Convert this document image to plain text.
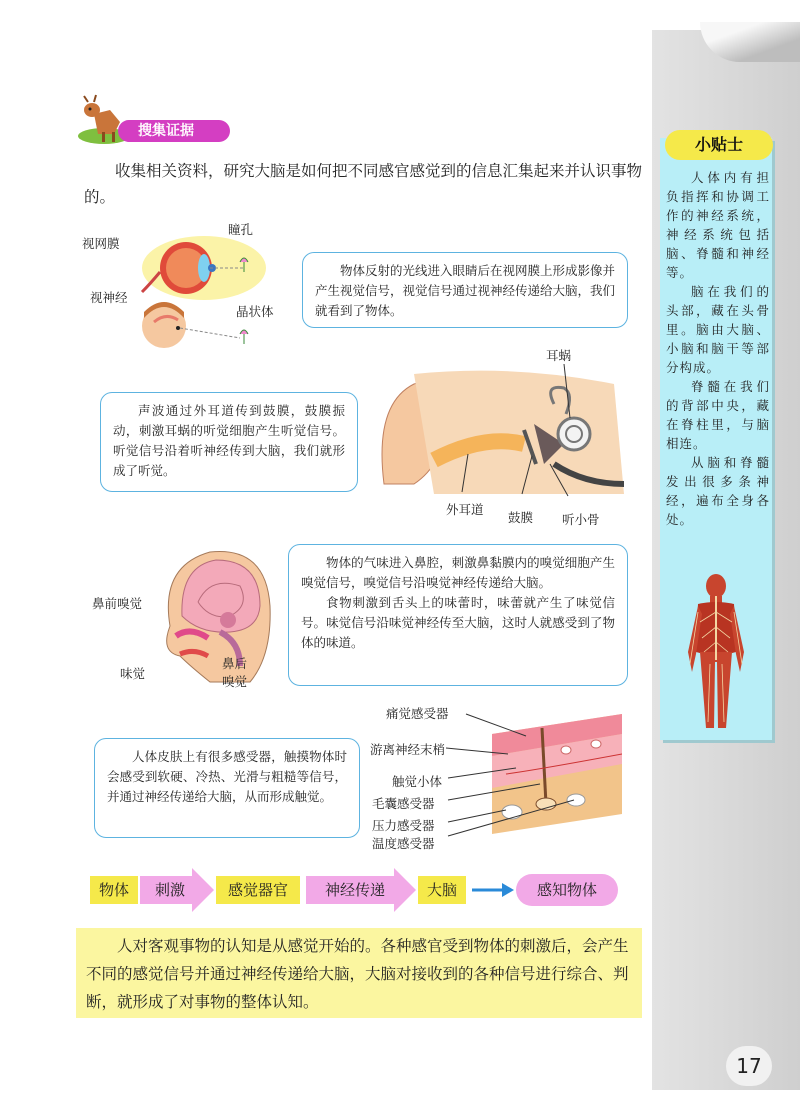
小贴士

人体内有担负指挥和协调工作的神经系统，神经系统包括脑、脊髓和神经等。

脑在我们的头部，藏在头骨里。脑由大脑、小脑和脑干等部分构成。

脊髓在我们的背部中央，藏在脊柱里，与脑相连。

从脑和脊髓发出很多条神经，遍布全身各处。

17
搜集证据
收集相关资料，研究大脑是如何把不同感官感觉到的信息汇集起来并认识事物的。
视网膜
瞳孔
视神经
晶状体

物体反射的光线进入眼睛后在视网膜上形成影像并产生视觉信号，视觉信号通过视神经传递给大脑，我们就看到了物体。

声波通过外耳道传到鼓膜，鼓膜振动，刺激耳蜗的听觉细胞产生听觉信号。听觉信号沿着听神经传到大脑，我们就形成了听觉。

耳蜗
外耳道
鼓膜 听小骨
鼻前嗅觉
味觉
鼻后
嗅觉

物体的气味进入鼻腔，刺激鼻黏膜内的嗅觉细胞产生嗅觉信号，嗅觉信号沿嗅觉神经传递给大脑。

食物刺激到舌头上的味蕾时，味蕾就产生了味觉信号。味觉信号沿味觉神经传至大脑，这时人就感受到了物体的味道。

人体皮肤上有很多感受器，触摸物体时会感受到软硬、冷热、光滑与粗糙等信号，并通过神经传递给大脑，从而形成触觉。

痛觉感受器
游离神经末梢
触觉小体
毛囊感受器
压力感受器
温度感受器
物体	刺激	感觉器官	神经传递	大脑	感知物体
人对客观事物的认知是从感觉开始的。各种感官受到物体的刺激后，会产生不同的感觉信号并通过神经传递给大脑，大脑对接收到的各种信号进行综合、判断，就形成了对事物的整体认知。
